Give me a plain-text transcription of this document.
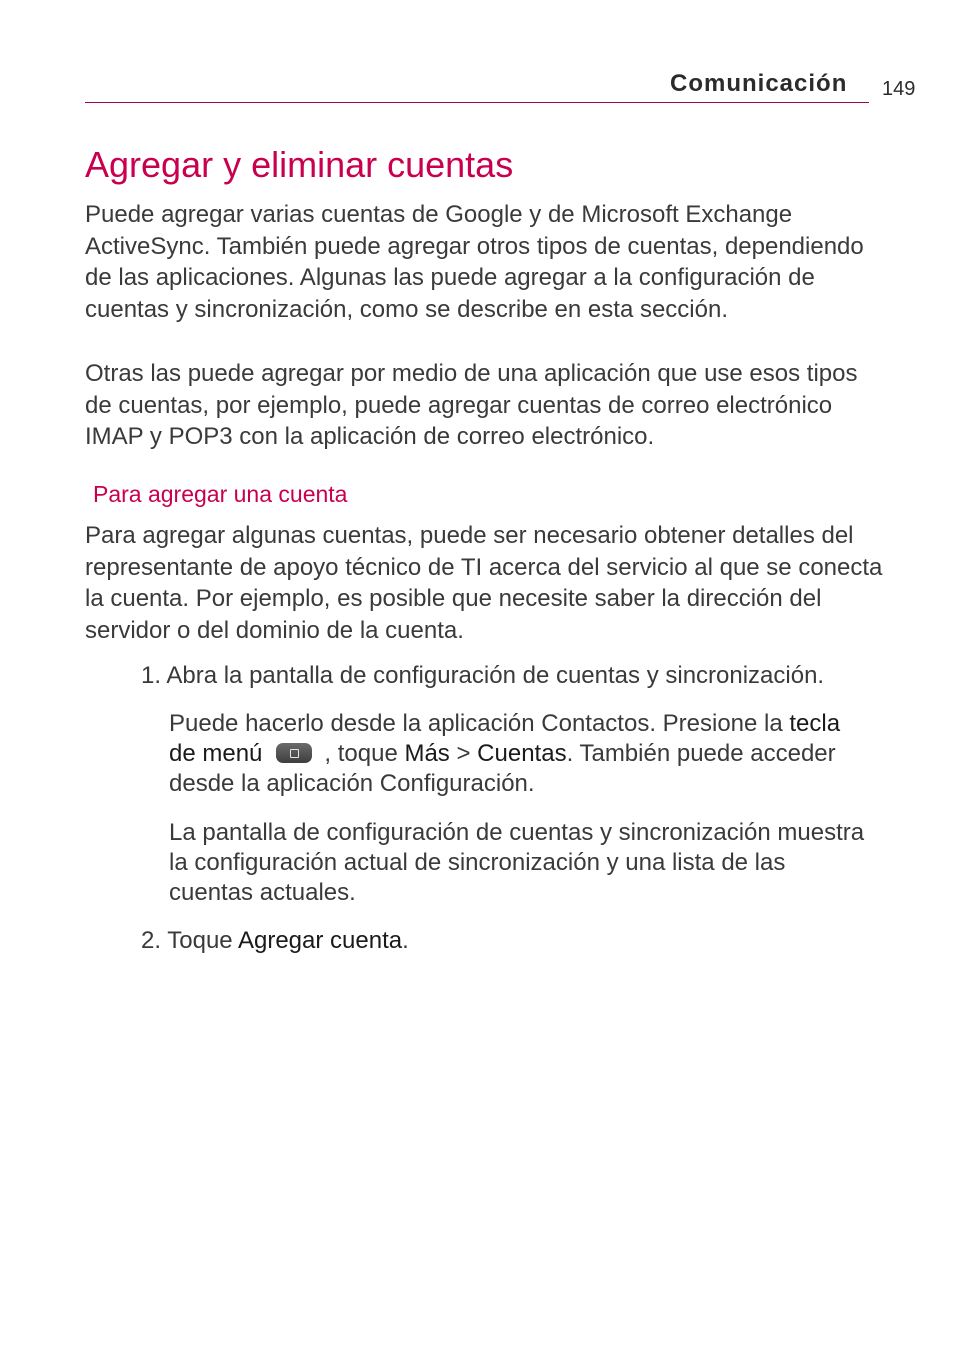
Comunicación 149
Agregar y eliminar cuentas

Puede agregar varias cuentas de Google y de Microsoft Exchange ActiveSync. También puede agregar otros tipos de cuentas, dependiendo de las aplicaciones. Algunas las puede agregar a la configuración de cuentas y sincronización, como se describe en esta sección.

Otras las puede agregar por medio de una aplicación que use esos tipos de cuentas, por ejemplo, puede agregar cuentas de correo electrónico IMAP y POP3 con la aplicación de correo electrónico.

Para agregar una cuenta

Para agregar algunas cuentas, puede ser necesario obtener detalles del representante de apoyo técnico de TI acerca del servicio al que se conecta la cuenta. Por ejemplo, es posible que necesite saber la dirección del servidor o del dominio de la cuenta.

1. Abra la pantalla de configuración de cuentas y sincronización.

Puede hacerlo desde la aplicación Contactos. Presione la tecla de menú	, toque Más > Cuentas. También puede acceder desde la aplicación Configuración.

La pantalla de configuración de cuentas y sincronización muestra la configuración actual de sincronización y una lista de las cuentas actuales.

2. Toque Agregar cuenta.
